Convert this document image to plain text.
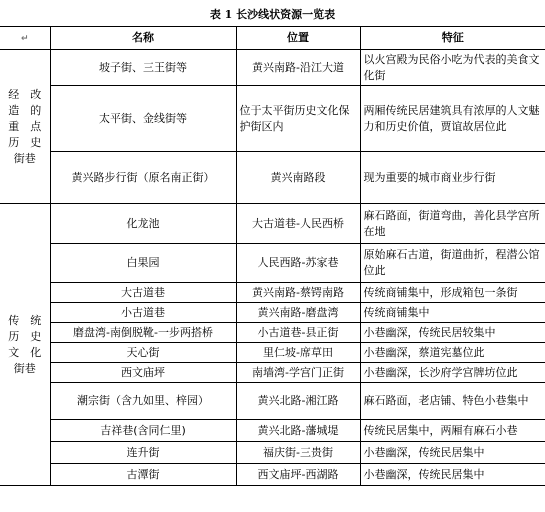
表 1 长沙线状资源一览表
↵	名称	位置	特征

经　改
造　的
重　点
历　史
街巷	坡子街、三王街等	黄兴南路-沿江大道	以火宫殿为民俗小吃为代表的美食文化街
	太平街、金线街等	位于太平街历史文化保护街区内	两厢传统民居建筑具有浓厚的人文魅力和历史价值，贾谊故居位此
	黄兴路步行街（原名南正街）	黄兴南路段	现为重要的城市商业步行街

传　统
历　史
文　化
街巷	化龙池	大古道巷-人民西桥	麻石路面，街道弯曲，善化县学宫所在地
	白果园	人民西路-苏家巷	原始麻石古道，街道曲折，程潜公馆位此
	大古道巷	黄兴南路-蔡锷南路	传统商铺集中，形成箱包一条街
	小古道巷	黄兴南路-磨盘湾	传统商铺集中
	磨盘湾-南倒脱靴-一步两搭桥	小古道巷-县正街	小巷幽深，传统民居较集中
	天心街	里仁坡-席草田	小巷幽深，蔡道宪墓位此
	西文庙坪	南墙湾-学宫门正街	小巷幽深，长沙府学宫牌坊位此
	潮宗街（含九如里、梓园）	黄兴北路-湘江路	麻石路面，老店铺、特色小巷集中
	吉祥巷(含同仁里)	黄兴北路-藩城堤	传统民居集中，两厢有麻石小巷
	连升街	福庆街-三贵街	小巷幽深，传统民居集中
	古潭街	西文庙坪-西湖路	小巷幽深，传统民居集中
